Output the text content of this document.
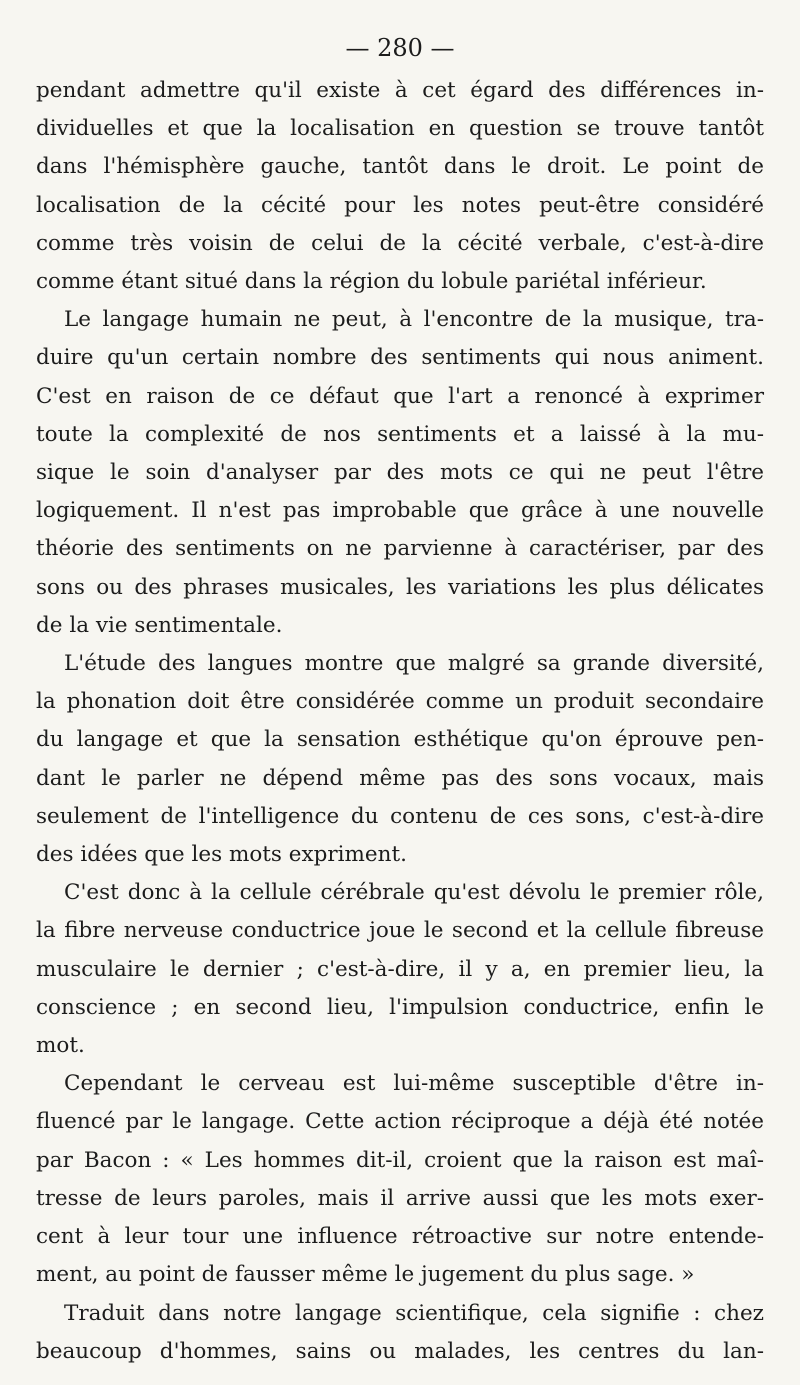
— 280 —

pendant admettre qu'il existe à cet égard des différences in-
dividuelles et que la localisation en question se trouve tantôt
dans l'hémisphère gauche, tantôt dans le droit. Le point de
localisation de la cécité pour les notes peut-être considéré
comme très voisin de celui de la cécité verbale, c'est-à-dire
comme étant situé dans la région du lobule pariétal inférieur.

Le langage humain ne peut, à l'encontre de la musique, tra-
duire qu'un certain nombre des sentiments qui nous animent.
C'est en raison de ce défaut que l'art a renoncé à exprimer
toute la complexité de nos sentiments et a laissé à la mu-
sique le soin d'analyser par des mots ce qui ne peut l'être
logiquement. Il n'est pas improbable que grâce à une nouvelle
théorie des sentiments on ne parvienne à caractériser, par des
sons ou des phrases musicales, les variations les plus délicates
de la vie sentimentale.

L'étude des langues montre que malgré sa grande diversité,
la phonation doit être considérée comme un produit secondaire
du langage et que la sensation esthétique qu'on éprouve pen-
dant le parler ne dépend même pas des sons vocaux, mais
seulement de l'intelligence du contenu de ces sons, c'est-à-dire
des idées que les mots expriment.

C'est donc à la cellule cérébrale qu'est dévolu le premier rôle,
la fibre nerveuse conductrice joue le second et la cellule fibreuse
musculaire le dernier ; c'est-à-dire, il y a, en premier lieu, la
conscience ; en second lieu, l'impulsion conductrice, enfin le
mot.

Cependant le cerveau est lui-même susceptible d'être in-
fluencé par le langage. Cette action réciproque a déjà été notée
par Bacon : « Les hommes dit-il, croient que la raison est maî-
tresse de leurs paroles, mais il arrive aussi que les mots exer-
cent à leur tour une influence rétroactive sur notre entende-
ment, au point de fausser même le jugement du plus sage. »

Traduit dans notre langage scientifique, cela signifie : chez
beaucoup d'hommes, sains ou malades, les centres du lan-
